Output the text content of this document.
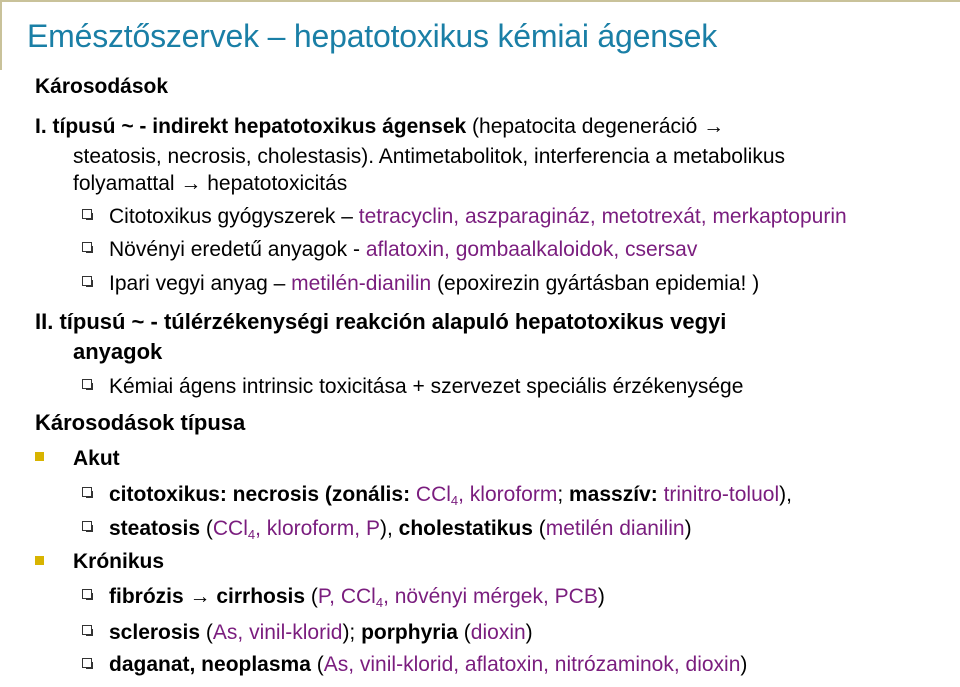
Emésztőszervek – hepatotoxikus kémiai ágensek
Károsodások
I. típusú ~ - indirekt hepatotoxikus ágensek (hepatocita degeneráció →
steatosis, necrosis, cholestasis). Antimetabolitok, interferencia a metabolikus
folyamattal → hepatotoxicitás
Citotoxikus gyógyszerek – tetracyclin, aszparagináz, metotrexát, merkaptopurin
Növényi eredetű anyagok - aflatoxin, gombaalkaloidok, csersav
Ipari vegyi anyag – metilén-dianilin (epoxirezin gyártásban epidemia! )
II. típusú ~ - túlérzékenységi reakción alapuló hepatotoxikus vegyi
anyagok
Kémiai ágens intrinsic toxicitása + szervezet speciális érzékenysége
Károsodások típusa
Akut
citotoxikus: necrosis (zonális: CCl$_4$, kloroform; masszív: trinitro-toluol),
steatosis (CCl$_4$, kloroform, P), cholestatikus (metilén dianilin)
Krónikus
fibrózis → cirrhosis (P, CCl$_4$, növényi mérgek, PCB)
sclerosis (As, vinil-klorid); porphyria (dioxin)
daganat, neoplasma (As, vinil-klorid, aflatoxin, nitrózaminok, dioxin)
